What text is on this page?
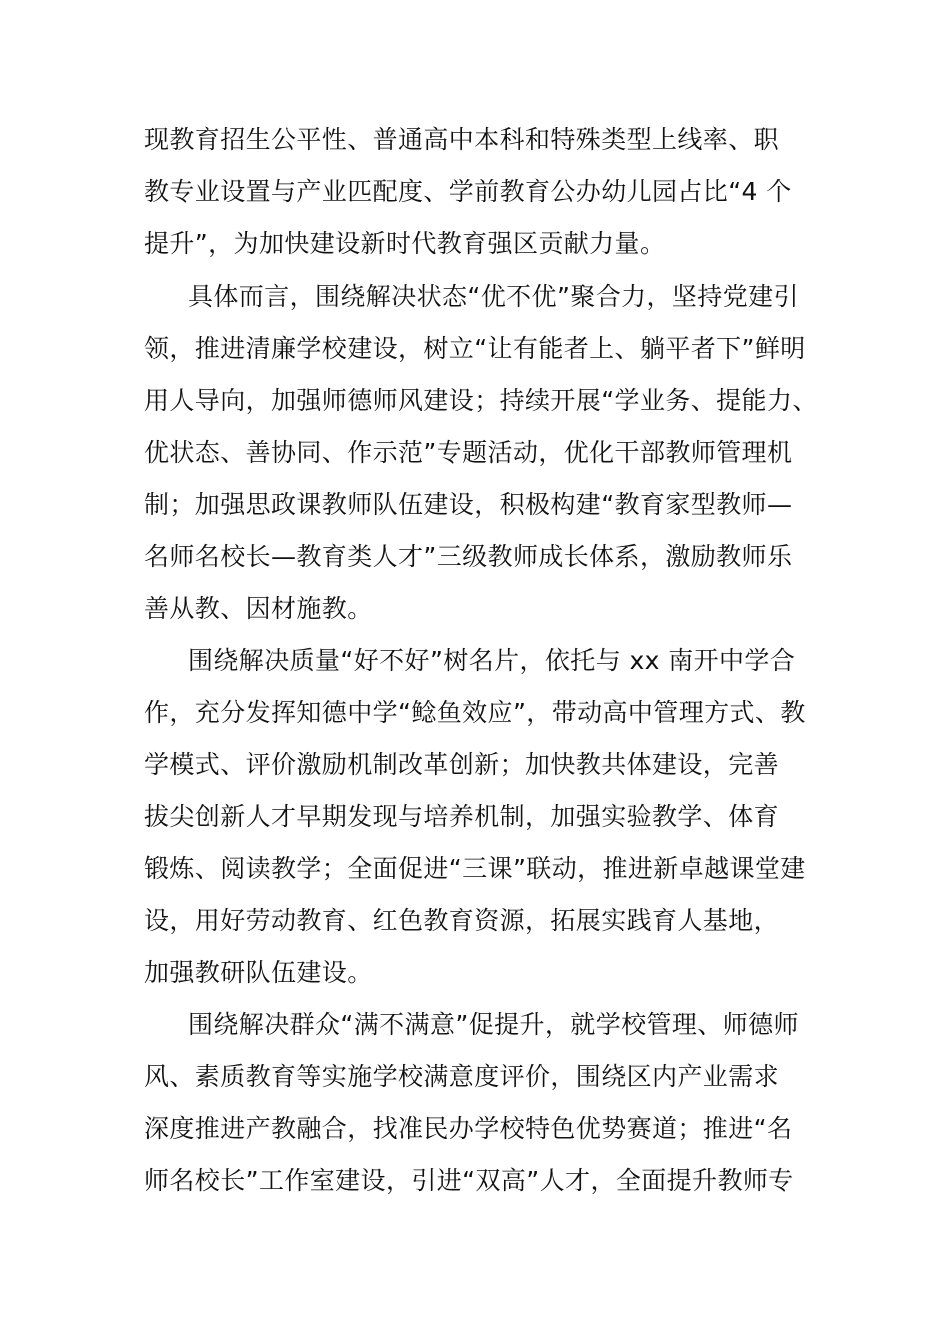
现教育招生公平性、普通高中本科和特殊类型上线率、职
教专业设置与产业匹配度、学前教育公办幼儿园占比“4 个
提升”，为加快建设新时代教育强区贡献力量。
具体而言，围绕解决状态“优不优”聚合力，坚持党建引
领，推进清廉学校建设，树立“让有能者上、躺平者下”鲜明
用人导向，加强师德师风建设；持续开展“学业务、提能力、
优状态、善协同、作示范”专题活动，优化干部教师管理机
制；加强思政课教师队伍建设，积极构建“教育家型教师—
名师名校长—教育类人才”三级教师成长体系，激励教师乐
善从教、因材施教。
围绕解决质量“好不好”树名片，依托与 xx 南开中学合
作，充分发挥知德中学“鲶鱼效应”，带动高中管理方式、教
学模式、评价激励机制改革创新；加快教共体建设，完善
拔尖创新人才早期发现与培养机制，加强实验教学、体育
锻炼、阅读教学；全面促进“三课”联动，推进新卓越课堂建
设，用好劳动教育、红色教育资源，拓展实践育人基地，
加强教研队伍建设。
围绕解决群众“满不满意”促提升，就学校管理、师德师
风、素质教育等实施学校满意度评价，围绕区内产业需求
深度推进产教融合，找准民办学校特色优势赛道；推进“名
师名校长”工作室建设，引进“双高”人才，全面提升教师专
